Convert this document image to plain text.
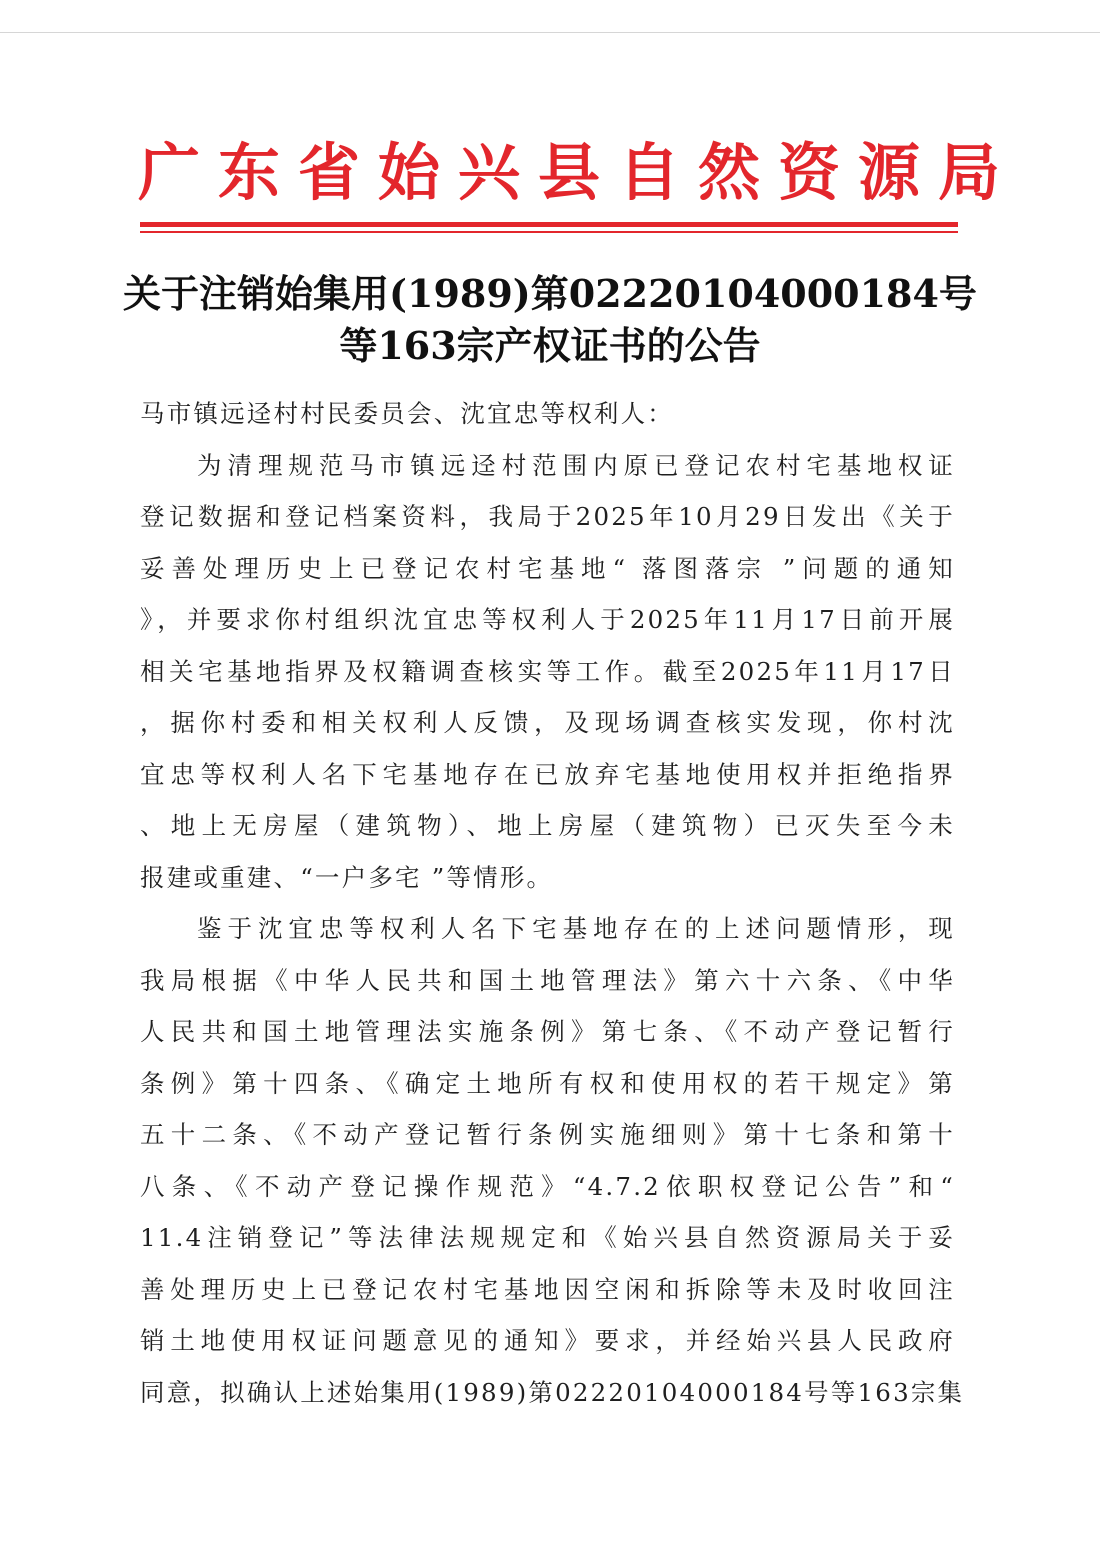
广东省始兴县自然资源局
关于注销始集用(1989)第02220104000184号
等163宗产权证书的公告
马市镇远迳村村民委员会、沈宜忠等权利人：
为清理规范马市镇远迳村范围内原已登记农村宅基地权证
登记数据和登记档案资料，我局于2025年10月29日发出《关于
妥善处理历史上已登记农村宅基地“ 落图落宗 ”问题的通知
》，并要求你村组织沈宜忠等权利人于2025年11月17日前开展
相关宅基地指界及权籍调查核实等工作。截至2025年11月17日
，据你村委和相关权利人反馈，及现场调查核实发现，你村沈
宜忠等权利人名下宅基地存在已放弃宅基地使用权并拒绝指界
、地上无房屋（建筑物）、地上房屋（建筑物）已灭失至今未
报建或重建、“一户多宅 ”等情形。
鉴于沈宜忠等权利人名下宅基地存在的上述问题情形，现
我局根据《中华人民共和国土地管理法》第六十六条、《中华
人民共和国土地管理法实施条例》第七条、《不动产登记暂行
条例》第十四条、《确定土地所有权和使用权的若干规定》第
五十二条、《不动产登记暂行条例实施细则》第十七条和第十
八条、《不动产登记操作规范》“4.7.2依职权登记公告”和“
11.4注销登记”等法律法规规定和《始兴县自然资源局关于妥
善处理历史上已登记农村宅基地因空闲和拆除等未及时收回注
销土地使用权证问题意见的通知》要求，并经始兴县人民政府
同意，拟确认上述始集用(1989)第02220104000184号等163宗集
